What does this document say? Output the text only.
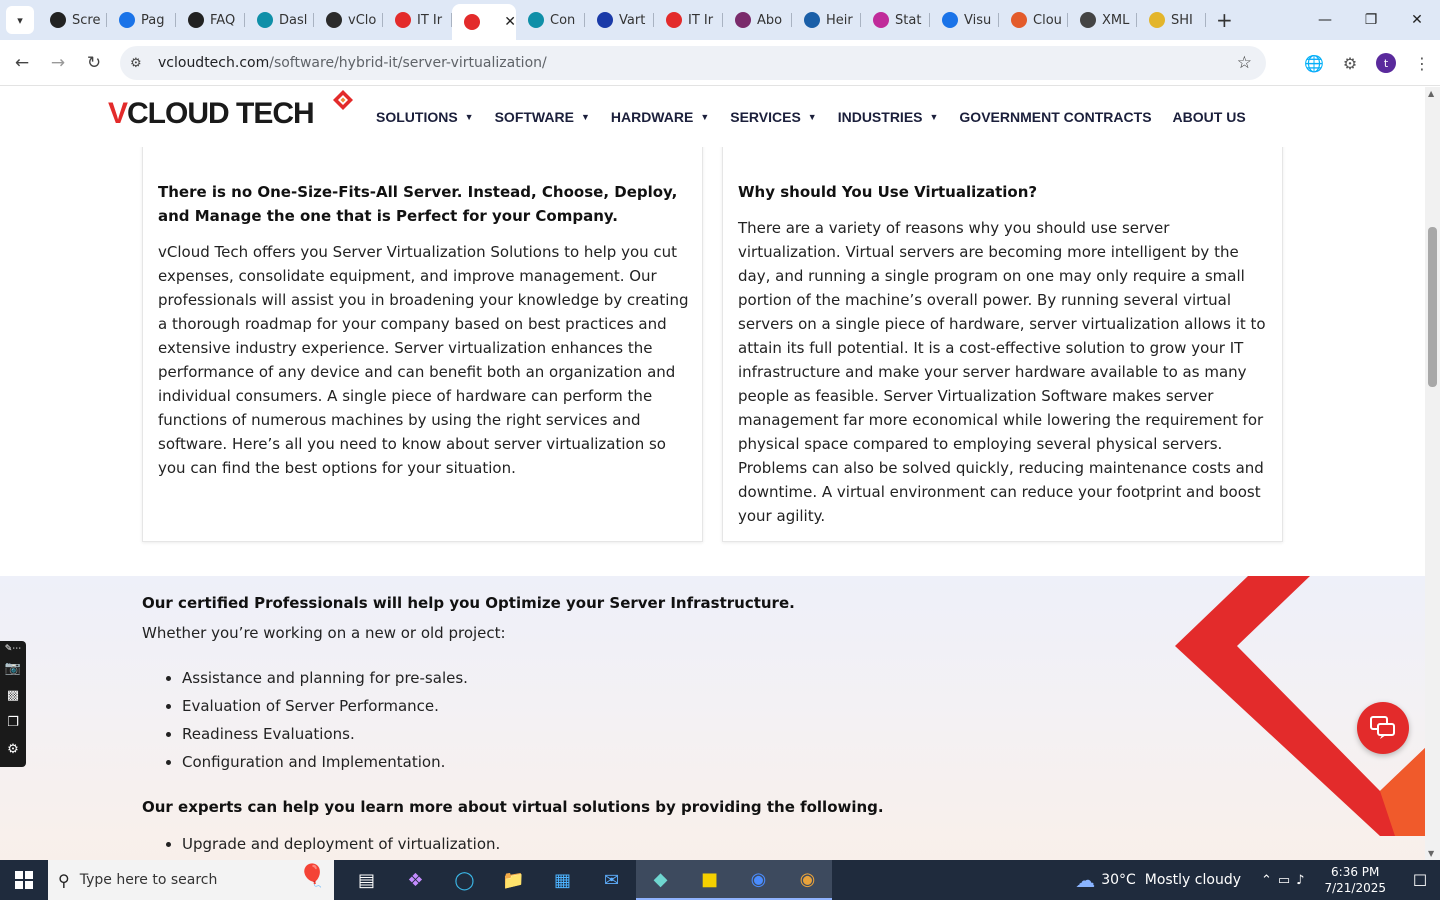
▾	Scre	Pag	FAQ	Dasl	vClo	IT Ir	✕	Con	Vart	IT Ir	Abo	Heir	Stat	Visu	Clou	XML	SHI +	—	❐	✕
←	→	↻	⚙	vcloudtech.com/software/hybrid-it/server-virtualization/	☆	🌐	⚙	t	⋮
VCLOUD TECH	SOLUTIONS ▼ SOFTWARE ▼ HARDWARE ▼ SERVICES ▼ INDUSTRIES ▼ GOVERNMENT CONTRACTS ABOUT US
There is no One-Size-Fits-All Server. Instead, Choose, Deploy, and Manage the one that is Perfect for your Company.

vCloud Tech offers you Server Virtualization Solutions to help you cut expenses, consolidate equipment, and improve management. Our professionals will assist you in broadening your knowledge by creating a thorough roadmap for your company based on best practices and extensive industry experience. Server virtualization enhances the performance of any device and can benefit both an organization and individual consumers. A single piece of hardware can perform the functions of numerous machines by using the right services and software. Here’s all you need to know about server virtualization so you can find the best options for your situation.

Why should You Use Virtualization?

There are a variety of reasons why you should use server virtualization. Virtual servers are becoming more intelligent by the day, and running a single program on one may only require a small portion of the machine’s overall power. By running several virtual servers on a single piece of hardware, server virtualization allows it to attain its full potential. It is a cost-effective solution to grow your IT infrastructure and make your server hardware available to as many people as feasible. Server Virtualization Software makes server management far more economical while lowering the requirement for physical space compared to employing several physical servers. Problems can also be solved quickly, reducing maintenance costs and downtime. A virtual environment can reduce your footprint and boost your agility.

Our certified Professionals will help you Optimize your Server Infrastructure.
Whether you’re working on a new or old project:
• Assistance and planning for pre-sales.
• Evaluation of Server Performance.
• Readiness Evaluations.
• Configuration and Implementation.
Our experts can help you learn more about virtual solutions by providing the following.
• Upgrade and deployment of virtualization.
✎⋯
📷
▩
❐
⚙
▲
▼
⚲ Type here to search	🎈	▤	❖	◯	📁	▦	✉	◆	■	◉	◉	☁ 30°C
Mostly cloudy ⌃▭♪
6:36 PM
7/21/2025	☐
